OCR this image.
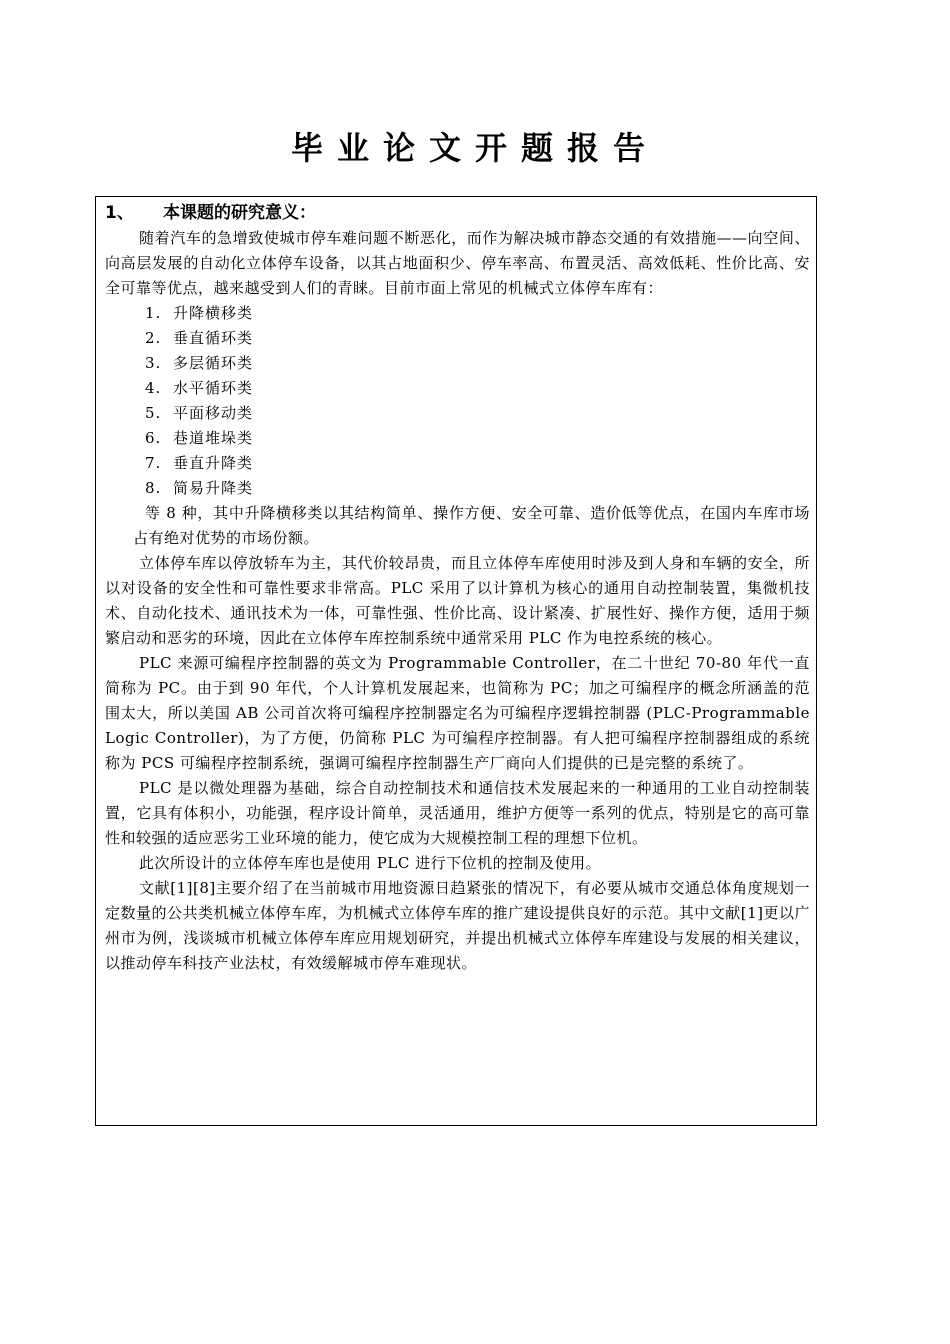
毕业论文开题报告
1、	本课题的研究意义：

随着汽车的急增致使城市停车难问题不断恶化，而作为解决城市静态交通的有效措施——向空间、向高层发展的自动化立体停车设备，以其占地面积少、停车率高、布置灵活、高效低耗、性价比高、安全可靠等优点，越来越受到人们的青睐。目前市面上常见的机械式立体停车库有：

1. 升降横移类
2. 垂直循环类
3. 多层循环类
4. 水平循环类
5. 平面移动类
6. 巷道堆垛类
7. 垂直升降类
8. 简易升降类

等 8 种，其中升降横移类以其结构简单、操作方便、安全可靠、造价低等优点，在国内车库市场占有绝对优势的市场份额。

立体停车库以停放轿车为主，其代价较昂贵，而且立体停车库使用时涉及到人身和车辆的安全，所以对设备的安全性和可靠性要求非常高。PLC 采用了以计算机为核心的通用自动控制装置，集微机技术、自动化技术、通讯技术为一体，可靠性强、性价比高、设计紧凑、扩展性好、操作方便，适用于频繁启动和恶劣的环境，因此在立体停车库控制系统中通常采用 PLC 作为电控系统的核心。

PLC 来源可编程序控制器的英文为 Programmable Controller，在二十世纪 70-80 年代一直简称为 PC。由于到 90 年代，个人计算机发展起来，也简称为 PC；加之可编程序的概念所涵盖的范围太大，所以美国 AB 公司首次将可编程序控制器定名为可编程序逻辑控制器 (PLC-Programmable Logic Controller)，为了方便，仍简称 PLC 为可编程序控制器。有人把可编程序控制器组成的系统称为 PCS 可编程序控制系统，强调可编程序控制器生产厂商向人们提供的已是完整的系统了。

PLC 是以微处理器为基础，综合自动控制技术和通信技术发展起来的一种通用的工业自动控制装置，它具有体积小，功能强，程序设计简单，灵活通用，维护方便等一系列的优点，特别是它的高可靠性和较强的适应恶劣工业环境的能力，使它成为大规模控制工程的理想下位机。

此次所设计的立体停车库也是使用 PLC 进行下位机的控制及使用。

文献[1][8]主要介绍了在当前城市用地资源日趋紧张的情况下，有必要从城市交通总体角度规划一定数量的公共类机械立体停车库，为机械式立体停车库的推广建设提供良好的示范。其中文献[1]更以广州市为例，浅谈城市机械立体停车库应用规划研究，并提出机械式立体停车库建设与发展的相关建议，以推动停车科技产业法杖，有效缓解城市停车难现状。
